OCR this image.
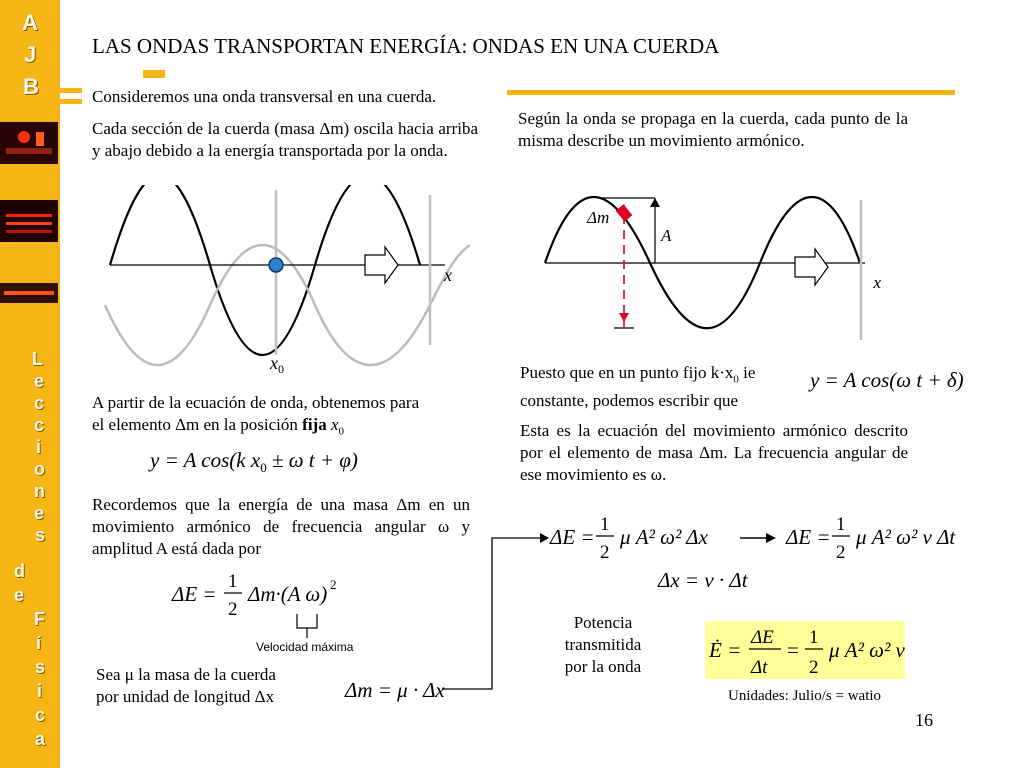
A
J
B
L
e
c
c
i
o
n
e
s
d
e
F
í
s
i
c
a
LAS ONDAS TRANSPORTAN ENERGÍA: ONDAS EN UNA CUERDA
Consideremos una onda transversal en una cuerda.
Cada sección de la cuerda (masa Δm) oscila hacia arriba y abajo debido a la energía transportada por la onda.
Según la onda se propaga en la cuerda, cada punto de la misma describe un movimiento armónico.
x
$x_0$
Δm
A
x
Puesto que en un punto fijo $k\cdot x_0$ ie
constante, podemos escribir que
y = A cos(ω t + δ)
A partir de la ecuación de onda, obtenemos para
el elemento Δm en la posición fija $x_0$
y = A cos(k $x_0 \pm \omega$ t + φ)
Esta es la ecuación del movimiento armónico descrito por el elemento de masa Δm. La frecuencia angular de ese movimiento es ω.
Recordemos que la energía de una masa Δm en un movimiento armónico de frecuencia angular ω y amplitud A está dada por
ΔE =
1
2
Δm·(A ω) 2
Velocidad máxima
Sea μ la masa de la cuerda
por unidad de longitud Δx	Δm = μ · Δx
ΔE =
1
2
μ A² ω² Δx	ΔE =
1
2
μ A² ω² v Δt
Δx = v · Δt
Potencia
transmitida
por la onda
Ė =
ΔE
Δt
=
1
2
μ A² ω² v
Unidades: Julio/s = watio
16
